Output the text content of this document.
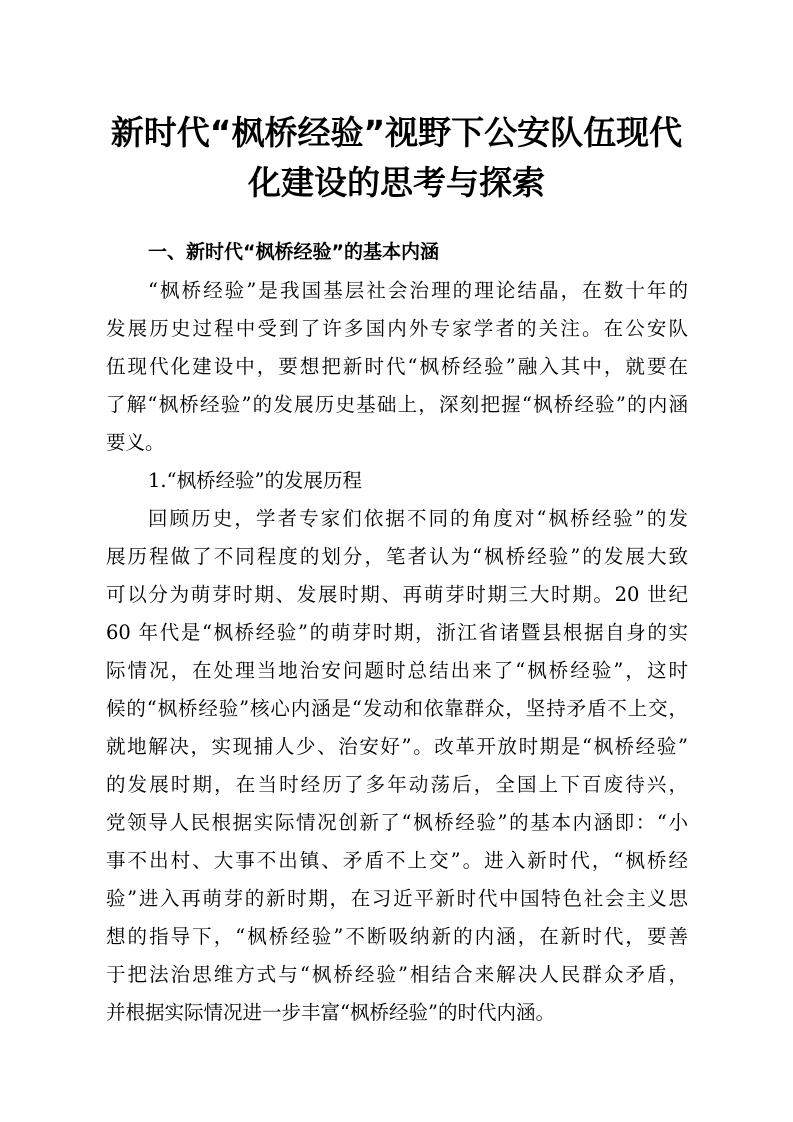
新时代“枫桥经验”视野下公安队伍现代
化建设的思考与探索
一、新时代“枫桥经验”的基本内涵
“枫桥经验”是我国基层社会治理的理论结晶，在数十年的
发展历史过程中受到了许多国内外专家学者的关注。在公安队
伍现代化建设中，要想把新时代“枫桥经验”融入其中，就要在
了解“枫桥经验”的发展历史基础上，深刻把握“枫桥经验”的内涵
要义。
1.“枫桥经验”的发展历程
回顾历史，学者专家们依据不同的角度对“枫桥经验”的发
展历程做了不同程度的划分，笔者认为“枫桥经验”的发展大致
可以分为萌芽时期、发展时期、再萌芽时期三大时期。20 世纪
60 年代是“枫桥经验”的萌芽时期，浙江省诸暨县根据自身的实
际情况，在处理当地治安问题时总结出来了“枫桥经验”，这时
候的“枫桥经验”核心内涵是“发动和依靠群众，坚持矛盾不上交，
就地解决，实现捕人少、治安好”。改革开放时期是“枫桥经验”
的发展时期，在当时经历了多年动荡后，全国上下百废待兴，
党领导人民根据实际情况创新了“枫桥经验”的基本内涵即：“小
事不出村、大事不出镇、矛盾不上交”。进入新时代，“枫桥经
验”进入再萌芽的新时期，在习近平新时代中国特色社会主义思
想的指导下，“枫桥经验”不断吸纳新的内涵，在新时代，要善
于把法治思维方式与“枫桥经验”相结合来解决人民群众矛盾，
并根据实际情况进一步丰富“枫桥经验”的时代内涵。
